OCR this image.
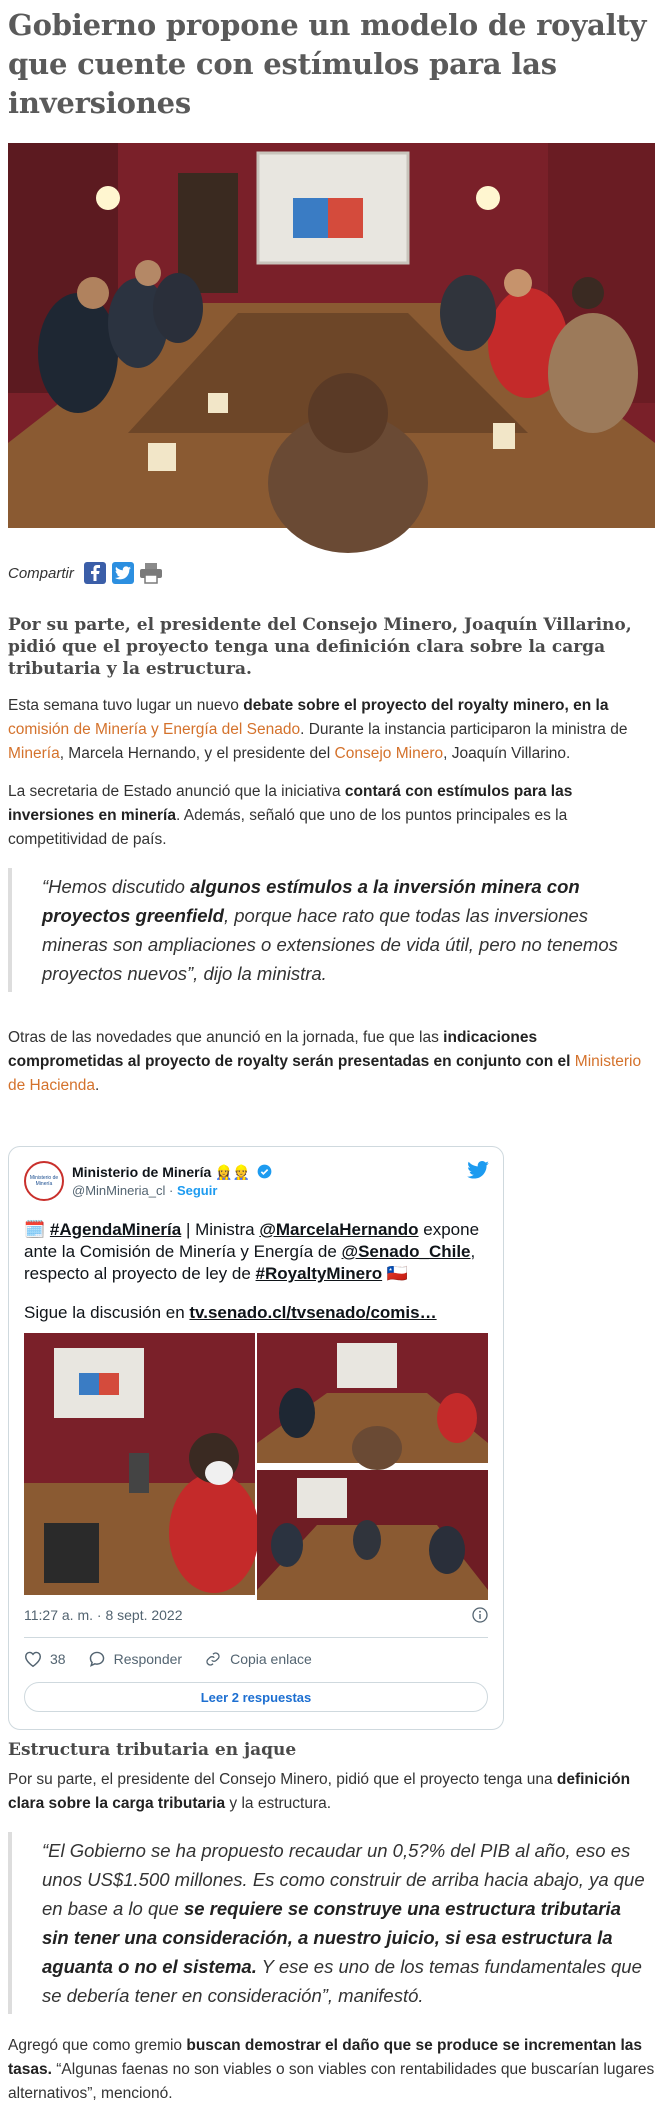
Gobierno propone un modelo de royalty que cuente con estímulos para las inversiones
Compartir

Por su parte, el presidente del Consejo Minero, Joaquín Villarino, pidió que el proyecto tenga una definición clara sobre la carga tributaria y la estructura.

Esta semana tuvo lugar un nuevo debate sobre el proyecto del royalty minero, en la comisión de Minería y Energía del Senado. Durante la instancia participaron la ministra de Minería, Marcela Hernando, y el presidente del Consejo Minero, Joaquín Villarino.

La secretaria de Estado anunció que la iniciativa contará con estímulos para las inversiones en minería. Además, señaló que uno de los puntos principales es la competitividad de país.

“Hemos discutido algunos estímulos a la inversión minera con proyectos greenfield, porque hace rato que todas las inversiones mineras son ampliaciones o extensiones de vida útil, pero no tenemos proyectos nuevos”, dijo la ministra.

Otras de las novedades que anunció en la jornada, fue que las indicaciones comprometidas al proyecto de royalty serán presentadas en conjunto con el Ministerio de Hacienda.

Ministerio de Minería
Ministerio de Minería 👷‍♀️👷
@MinMineria_cl · Seguir
🗓️ #AgendaMinería | Ministra @MarcelaHernando expone ante la Comisión de Minería y Energía de @Senado_Chile, respecto al proyecto de ley de #RoyaltyMinero 🇨🇱
Sigue la discusión en tv.senado.cl/tvsenado/comis…
11:27 a. m. · 8 sept. 2022
38	Responder	Copia enlace
Leer 2 respuestas
Estructura tributaria en jaque

Por su parte, el presidente del Consejo Minero, pidió que el proyecto tenga una definición clara sobre la carga tributaria y la estructura.

“El Gobierno se ha propuesto recaudar un 0,5?% del PIB al año, eso es unos US$1.500 millones. Es como construir de arriba hacia abajo, ya que en base a lo que se requiere se construye una estructura tributaria sin tener una consideración, a nuestro juicio, si esa estructura la aguanta o no el sistema. Y ese es uno de los temas fundamentales que se debería tener en consideración”, manifestó.

Agregó que como gremio buscan demostrar el daño que se produce se incrementan las tasas. “Algunas faenas no son viables o son viables con rentabilidades que buscarían lugares alternativos”, mencionó.
